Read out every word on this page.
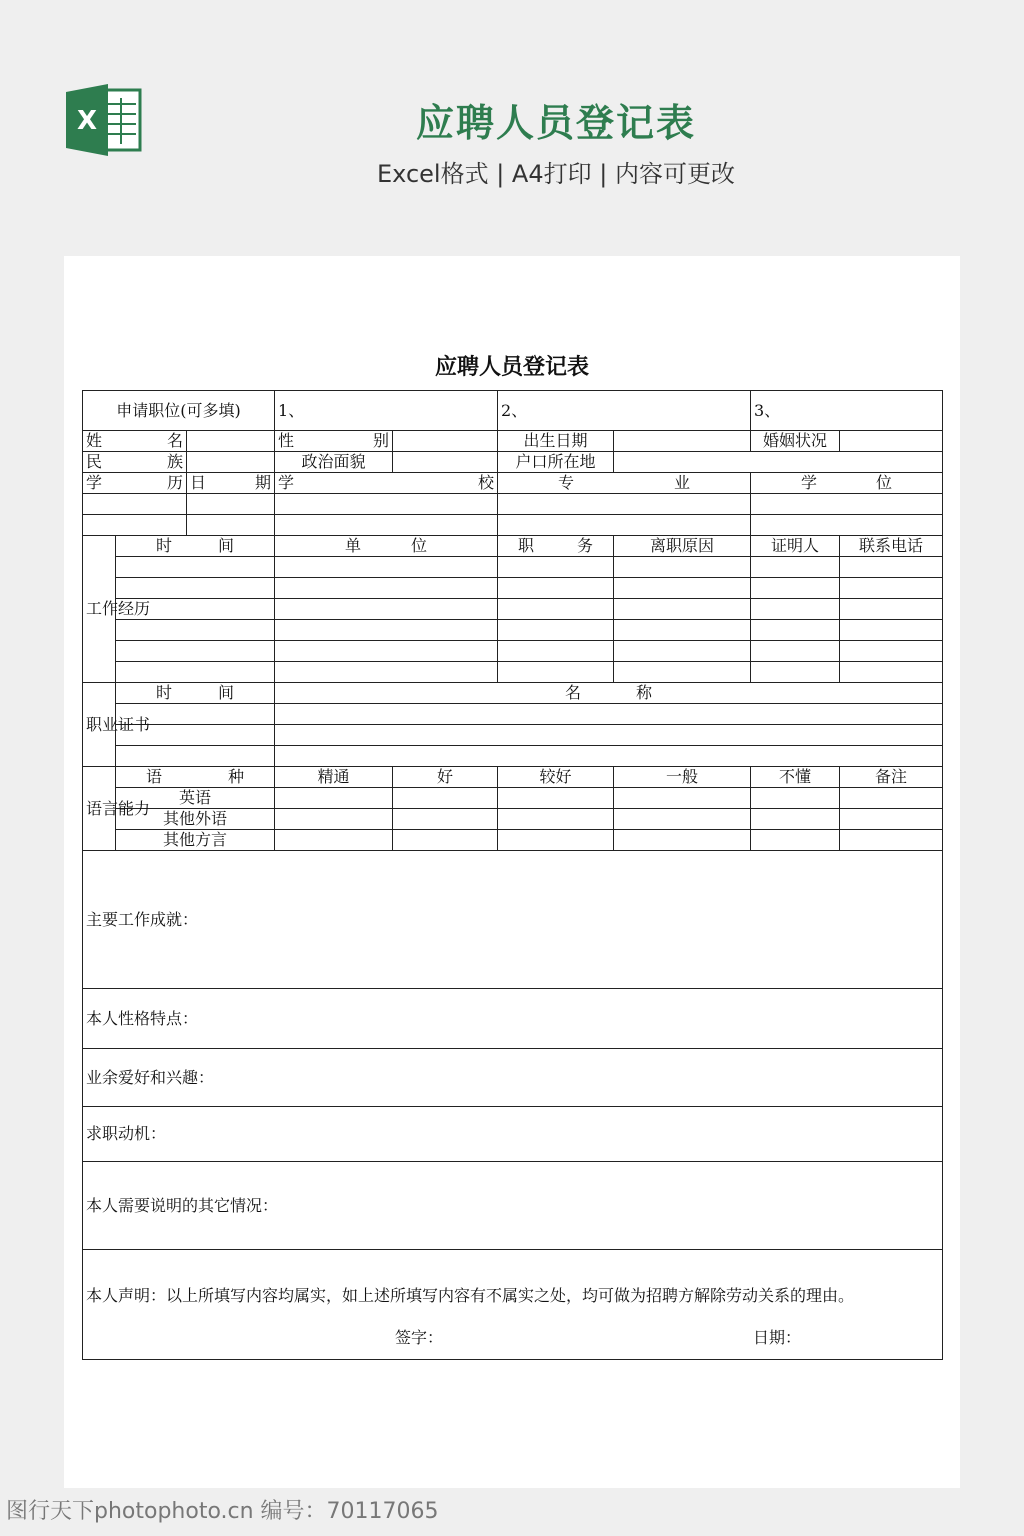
X	应聘人员登记表
Excel格式 | A4打印 | 内容可更改
应聘人员登记表
申请职位(可多填)			1、		2、		3、	
姓名			性别		出生日期		婚姻状况	
民族			政治面貌		户口所在地			
学历		日期	学校		专业		学位	

工作经历	时间		单位		职务	离职原因	证明人	联系电话

职业证书	时间		名称					

语言能力	语种		精通	好	较好	一般	不懂	备注
	英语							
	其他外语							
	其他方言							
主要工作成就：								
本人性格特点：								
业余爱好和兴趣：								
求职动机：								
本人需要说明的其它情况：								

本人声明：以上所填写内容均属实，如上述所填写内容有不属实之处，均可做为招聘方解除劳动关系的理由。
签字： 日期：								
图行天下photophoto.cn 编号：70117065
